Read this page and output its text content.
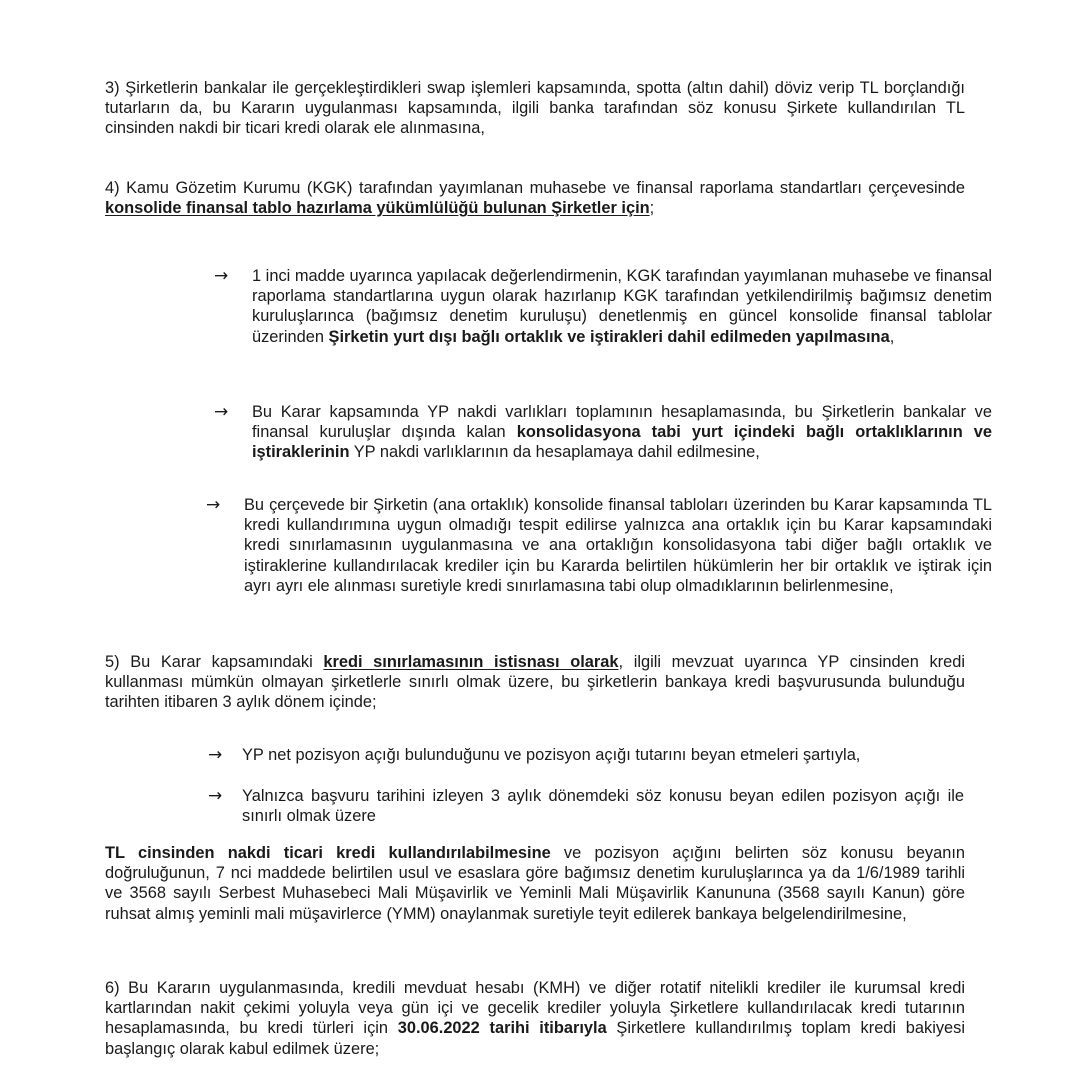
3) Şirketlerin bankalar ile gerçekleştirdikleri swap işlemleri kapsamında, spotta (altın dahil) döviz verip TL borçlandığı tutarların da, bu Kararın uygulanması kapsamında, ilgili banka tarafından söz konusu Şirkete kullandırılan TL cinsinden nakdi bir ticari kredi olarak ele alınmasına,

4) Kamu Gözetim Kurumu (KGK) tarafından yayımlanan muhasebe ve finansal raporlama standartları çerçevesinde konsolide finansal tablo hazırlama yükümlülüğü bulunan Şirketler için;

→ 1 inci madde uyarınca yapılacak değerlendirmenin, KGK tarafından yayımlanan muhasebe ve finansal raporlama standartlarına uygun olarak hazırlanıp KGK tarafından yetkilendirilmiş bağımsız denetim kuruluşlarınca (bağımsız denetim kuruluşu) denetlenmiş en güncel konsolide finansal tablolar üzerinden Şirketin yurt dışı bağlı ortaklık ve iştirakleri dahil edilmeden yapılmasına,
→ Bu Karar kapsamında YP nakdi varlıkları toplamının hesaplamasında, bu Şirketlerin bankalar ve finansal kuruluşlar dışında kalan konsolidasyona tabi yurt içindeki bağlı ortaklıklarının ve iştiraklerinin YP nakdi varlıklarının da hesaplamaya dahil edilmesine,
→ Bu çerçevede bir Şirketin (ana ortaklık) konsolide finansal tabloları üzerinden bu Karar kapsamında TL kredi kullandırımına uygun olmadığı tespit edilirse yalnızca ana ortaklık için bu Karar kapsamındaki kredi sınırlamasının uygulanmasına ve ana ortaklığın konsolidasyona tabi diğer bağlı ortaklık ve iştiraklerine kullandırılacak krediler için bu Kararda belirtilen hükümlerin her bir ortaklık ve iştirak için ayrı ayrı ele alınması suretiyle kredi sınırlamasına tabi olup olmadıklarının belirlenmesine,

5) Bu Karar kapsamındaki kredi sınırlamasının istisnası olarak, ilgili mevzuat uyarınca YP cinsinden kredi kullanması mümkün olmayan şirketlerle sınırlı olmak üzere, bu şirketlerin bankaya kredi başvurusunda bulunduğu tarihten itibaren 3 aylık dönem içinde;

→ YP net pozisyon açığı bulunduğunu ve pozisyon açığı tutarını beyan etmeleri şartıyla,
→ Yalnızca başvuru tarihini izleyen 3 aylık dönemdeki söz konusu beyan edilen pozisyon açığı ile sınırlı olmak üzere

TL cinsinden nakdi ticari kredi kullandırılabilmesine ve pozisyon açığını belirten söz konusu beyanın doğruluğunun, 7 nci maddede belirtilen usul ve esaslara göre bağımsız denetim kuruluşlarınca ya da 1/6/1989 tarihli ve 3568 sayılı Serbest Muhasebeci Mali Müşavirlik ve Yeminli Mali Müşavirlik Kanununa (3568 sayılı Kanun) göre ruhsat almış yeminli mali müşavirlerce (YMM) onaylanmak suretiyle teyit edilerek bankaya belgelendirilmesine,

6) Bu Kararın uygulanmasında, kredili mevduat hesabı (KMH) ve diğer rotatif nitelikli krediler ile kurumsal kredi kartlarından nakit çekimi yoluyla veya gün içi ve gecelik krediler yoluyla Şirketlere kullandırılacak kredi tutarının hesaplamasında, bu kredi türleri için 30.06.2022 tarihi itibarıyla Şirketlere kullandırılmış toplam kredi bakiyesi başlangıç olarak kabul edilmek üzere;
